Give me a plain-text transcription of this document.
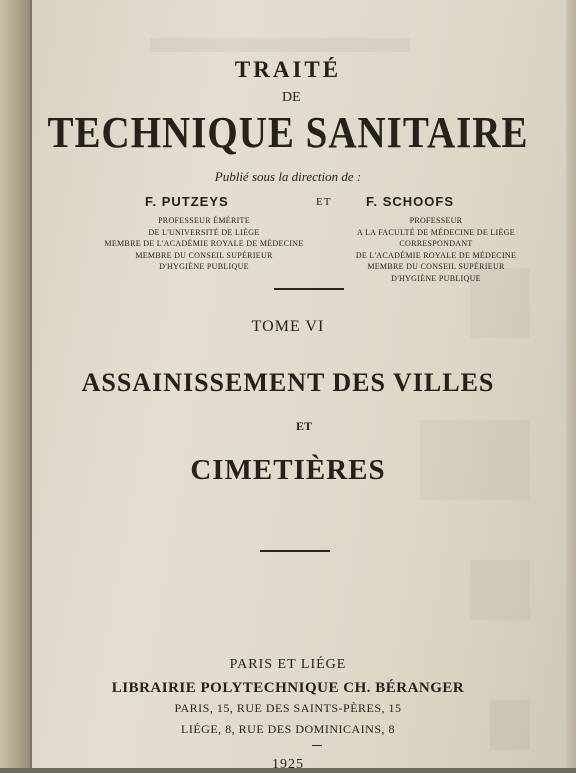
TRAITÉ
DE
TECHNIQUE SANITAIRE
Publié sous la direction de :
F. PUTZEYS	ET	F. SCHOOFS
PROFESSEUR ÉMÉRITE
DE L'UNIVERSITÉ DE LIÈGE
MEMBRE DE L'ACADÉMIE ROYALE DE MÉDECINE
MEMBRE DU CONSEIL SUPÉRIEUR
D'HYGIÈNE PUBLIQUE
PROFESSEUR
A LA FACULTÉ DE MÉDECINE DE LIÈGE
CORRESPONDANT
DE L'ACADÉMIE ROYALE DE MÉDECINE
MEMBRE DU CONSEIL SUPÉRIEUR
D'HYGIÈNE PUBLIQUE
TOME VI
ASSAINISSEMENT DES VILLES
ET
CIMETIÈRES
PARIS ET LIÉGE
LIBRAIRIE POLYTECHNIQUE CH. BÉRANGER
PARIS, 15, RUE DES SAINTS-PÈRES, 15
LIÉGE, 8, RUE DES DOMINICAINS, 8
1925
